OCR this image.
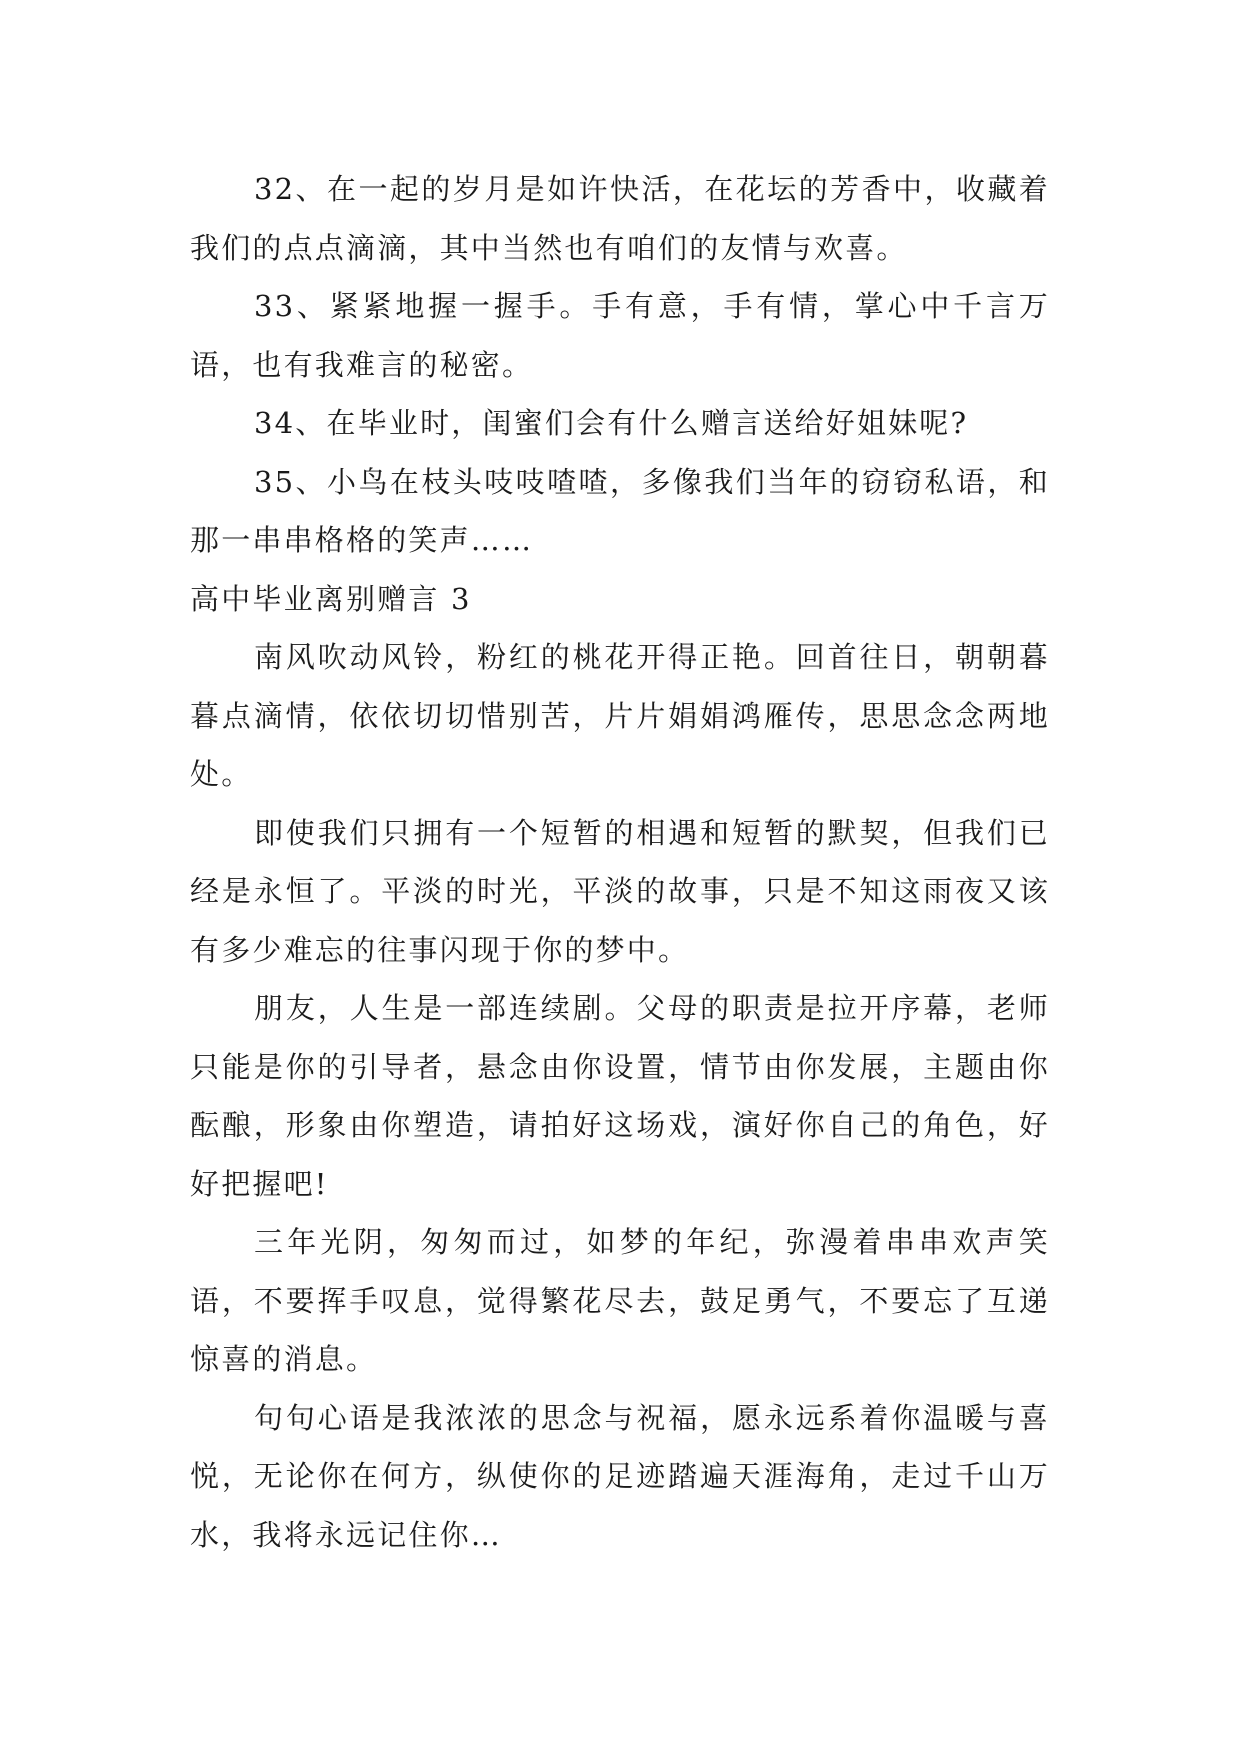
32、在一起的岁月是如许快活，在花坛的芳香中，收藏着我们的点点滴滴，其中当然也有咱们的友情与欢喜。

33、紧紧地握一握手。手有意，手有情，掌心中千言万语，也有我难言的秘密。

34、在毕业时，闺蜜们会有什么赠言送给好姐妹呢?

35、小鸟在枝头吱吱喳喳，多像我们当年的窃窃私语，和那一串串格格的笑声……

高中毕业离别赠言 3

南风吹动风铃，粉红的桃花开得正艳。回首往日，朝朝暮暮点滴情，依依切切惜别苦，片片娟娟鸿雁传，思思念念两地处。

即使我们只拥有一个短暂的相遇和短暂的默契，但我们已经是永恒了。平淡的时光，平淡的故事，只是不知这雨夜又该有多少难忘的往事闪现于你的梦中。

朋友，人生是一部连续剧。父母的职责是拉开序幕，老师只能是你的引导者，悬念由你设置，情节由你发展，主题由你酝酿，形象由你塑造，请拍好这场戏，演好你自己的角色，好好把握吧!

三年光阴，匆匆而过，如梦的年纪，弥漫着串串欢声笑语，不要挥手叹息，觉得繁花尽去，鼓足勇气，不要忘了互递惊喜的消息。

句句心语是我浓浓的思念与祝福，愿永远系着你温暖与喜悦，无论你在何方，纵使你的足迹踏遍天涯海角，走过千山万水，我将永远记住你…
